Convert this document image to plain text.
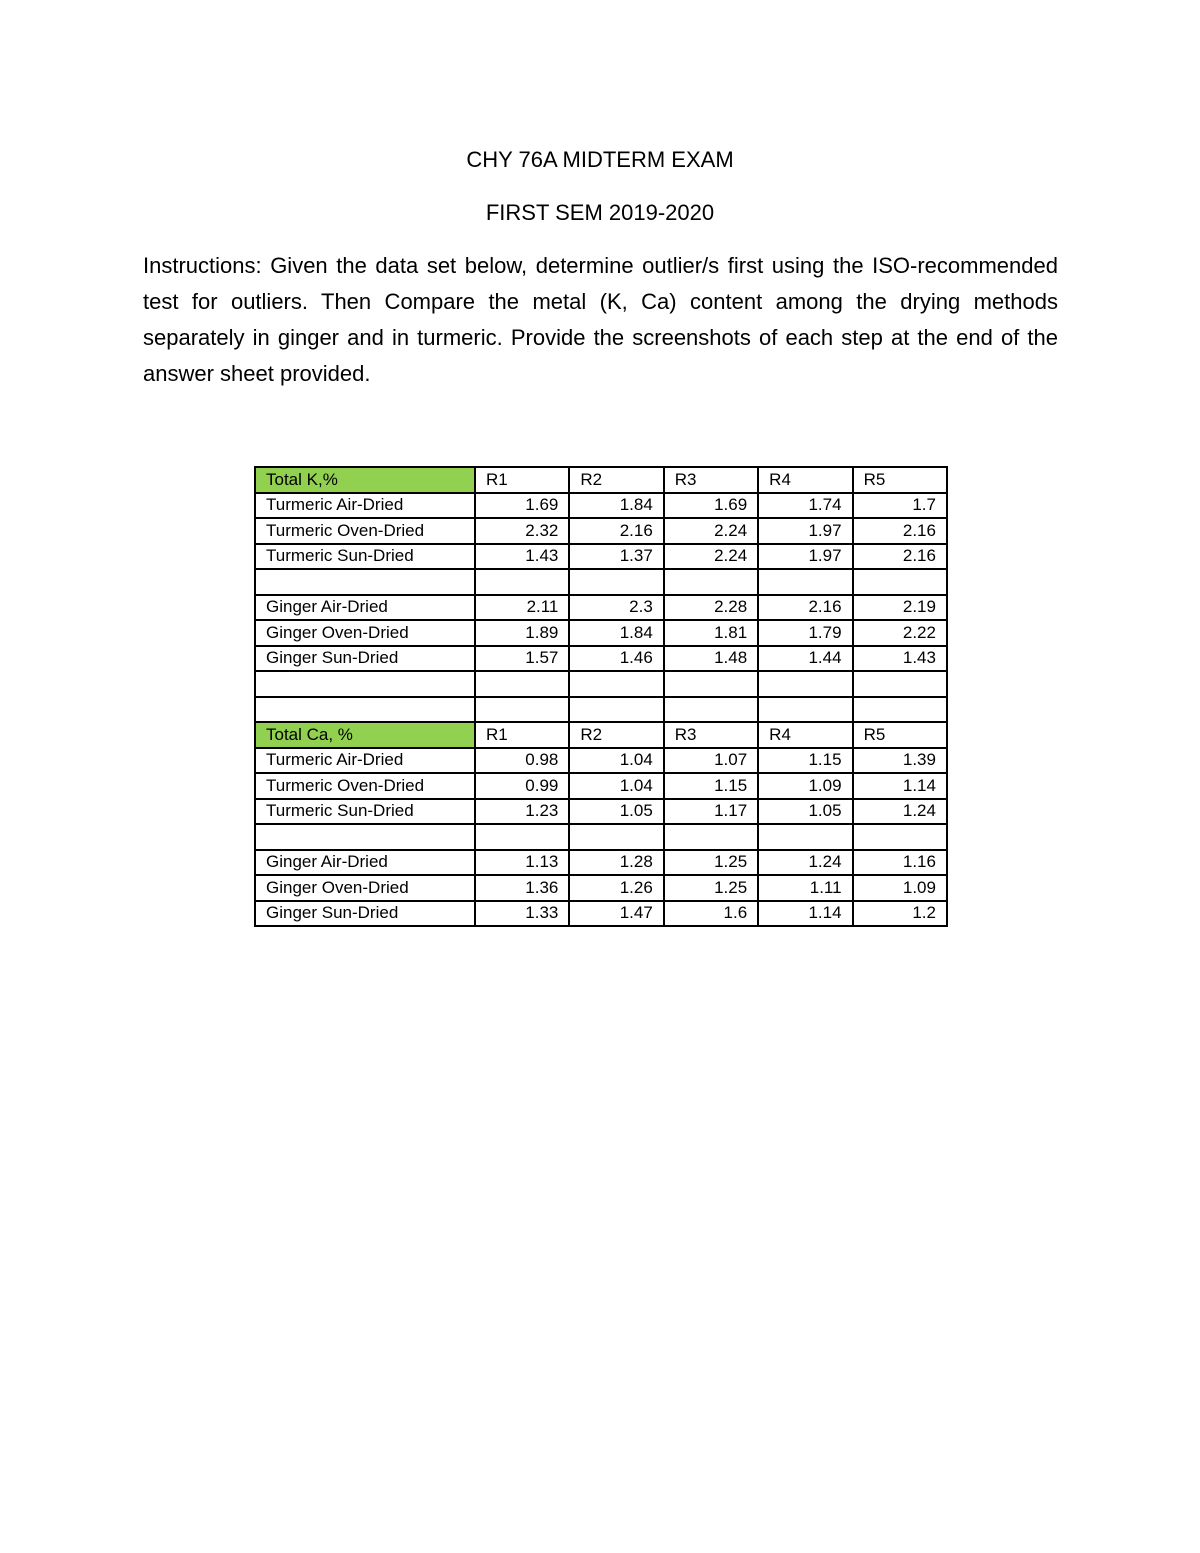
CHY 76A MIDTERM EXAM
FIRST SEM 2019-2020

Instructions: Given the data set below, determine outlier/s first using the ISO-recommended test for outliers. Then Compare the metal (K, Ca) content among the drying methods separately in ginger and in turmeric. Provide the screenshots of each step at the end of the answer sheet provided.

Total K,%	R1	R2	R3	R4	R5
Turmeric Air-Dried	1.69	1.84	1.69	1.74	1.7
Turmeric Oven-Dried	2.32	2.16	2.24	1.97	2.16
Turmeric Sun-Dried	1.43	1.37	2.24	1.97	2.16

Ginger Air-Dried	2.11	2.3	2.28	2.16	2.19
Ginger Oven-Dried	1.89	1.84	1.81	1.79	2.22
Ginger Sun-Dried	1.57	1.46	1.48	1.44	1.43

Total Ca, %	R1	R2	R3	R4	R5
Turmeric Air-Dried	0.98	1.04	1.07	1.15	1.39
Turmeric Oven-Dried	0.99	1.04	1.15	1.09	1.14
Turmeric Sun-Dried	1.23	1.05	1.17	1.05	1.24

Ginger Air-Dried	1.13	1.28	1.25	1.24	1.16
Ginger Oven-Dried	1.36	1.26	1.25	1.11	1.09
Ginger Sun-Dried	1.33	1.47	1.6	1.14	1.2
